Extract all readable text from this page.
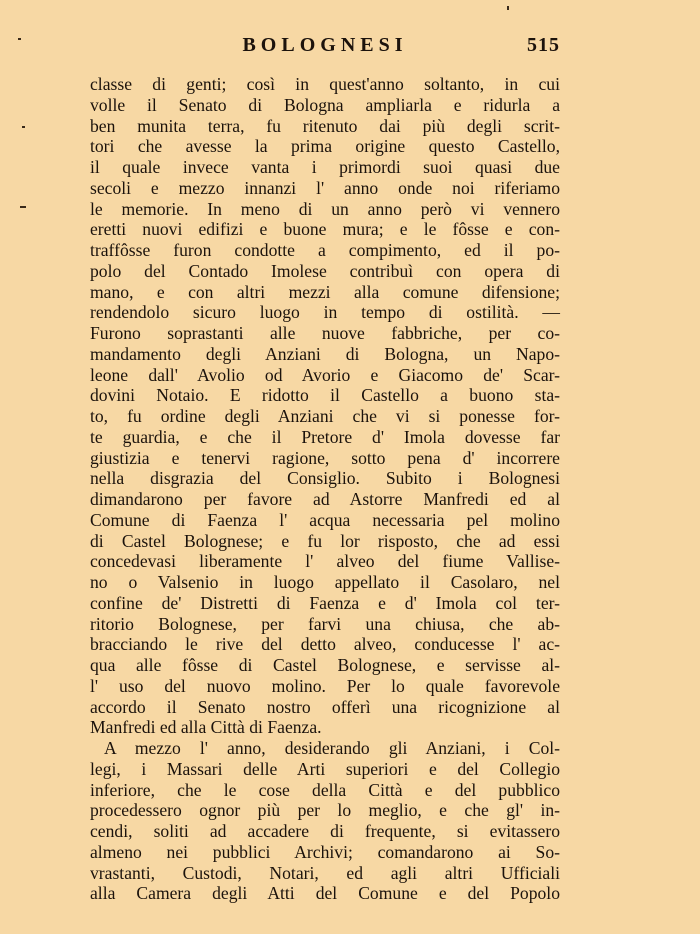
BOLOGNESI	515
classe di genti; così in quest'anno soltanto, in cui
volle il Senato di Bologna ampliarla e ridurla a
ben munita terra, fu ritenuto dai più degli scrit-
tori che avesse la prima origine questo Castello,
il quale invece vanta i primordi suoi quasi due
secoli e mezzo innanzi l' anno onde noi riferiamo
le memorie. In meno di un anno però vi vennero
eretti nuovi edifizi e buone mura; e le fôsse e con-
traffôsse furon condotte a compimento, ed il po-
polo del Contado Imolese contribuì con opera di
mano, e con altri mezzi alla comune difensione;
rendendolo sicuro luogo in tempo di ostilità. —
Furono soprastanti alle nuove fabbriche, per co-
mandamento degli Anziani di Bologna, un Napo-
leone dall' Avolio od Avorio e Giacomo de' Scar-
dovini Notaio. E ridotto il Castello a buono sta-
to, fu ordine degli Anziani che vi si ponesse for-
te guardia, e che il Pretore d' Imola dovesse far
giustizia e tenervi ragione, sotto pena d' incorrere
nella disgrazia del Consiglio. Subito i Bolognesi
dimandarono per favore ad Astorre Manfredi ed al
Comune di Faenza l' acqua necessaria pel molino
di Castel Bolognese; e fu lor risposto, che ad essi
concedevasi liberamente l' alveo del fiume Vallise-
no o Valsenio in luogo appellato il Casolaro, nel
confine de' Distretti di Faenza e d' Imola col ter-
ritorio Bolognese, per farvi una chiusa, che ab-
bracciando le rive del detto alveo, conducesse l' ac-
qua alle fôsse di Castel Bolognese, e servisse al-
l' uso del nuovo molino. Per lo quale favorevole
accordo il Senato nostro offerì una ricognizione al
Manfredi ed alla Città di Faenza.
A mezzo l' anno, desiderando gli Anziani, i Col-
legi, i Massari delle Arti superiori e del Collegio
inferiore, che le cose della Città e del pubblico
procedessero ognor più per lo meglio, e che gl' in-
cendi, soliti ad accadere di frequente, si evitassero
almeno nei pubblici Archivi; comandarono ai So-
vrastanti, Custodi, Notari, ed agli altri Ufficiali
alla Camera degli Atti del Comune e del Popolo
